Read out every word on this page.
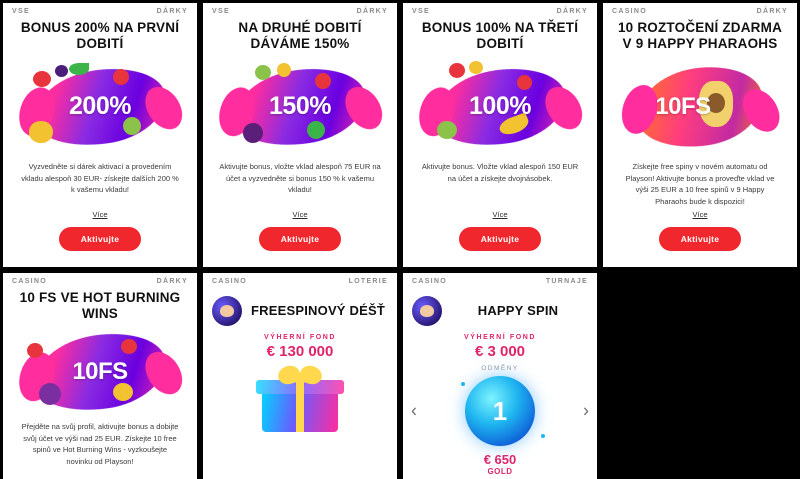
VSE	DÁRKY
BONUS 200% NA PRVNÍ DOBITÍ
200%
Vyzvedněte si dárek aktivací a provedením vkladu alespoň 30 EUR- získejte dalších 200 % k vašemu vkladu!
Více
Aktivujte
VSE	DÁRKY
NA DRUHÉ DOBITÍ DÁVÁME 150%
150%
Aktivujte bonus, vložte vklad alespoň 75 EUR na účet a vyzvedněte si bonus 150 % k vašemu vkladu!
Více
Aktivujte
VSE	DÁRKY
BONUS 100% NA TŘETÍ DOBITÍ
100%
Aktivujte bonus. Vložte vklad alespoň 150 EUR na účet a získejte dvojnásobek.
Více
Aktivujte
CASINO	DÁRKY
10 ROZTOČENÍ ZDARMA V 9 HAPPY PHARAOHS
10FS
Získejte free spiny v novém automatu od Playson! Aktivujte bonus a proveďte vklad ve výši 25 EUR a 10 free spinů v 9 Happy Pharaohs bude k dispozici!
Více
Aktivujte
CASINO	DÁRKY
10 FS VE HOT BURNING WINS
10FS
Přejděte na svůj profil, aktivujte bonus a dobijte svůj účet ve výši nad 25 EUR. Získejte 10 free spinů ve Hot Burning Wins - vyzkoušejte novinku od Playson!
CASINO	LOTERIE
FREESPINOVÝ DÉŠŤ
VÝHERNÍ FOND
€ 130 000
CASINO	TURNAJE
HAPPY SPIN
VÝHERNÍ FOND
€ 3 000
ODMĚNY
‹	1	›
€ 650
GOLD
